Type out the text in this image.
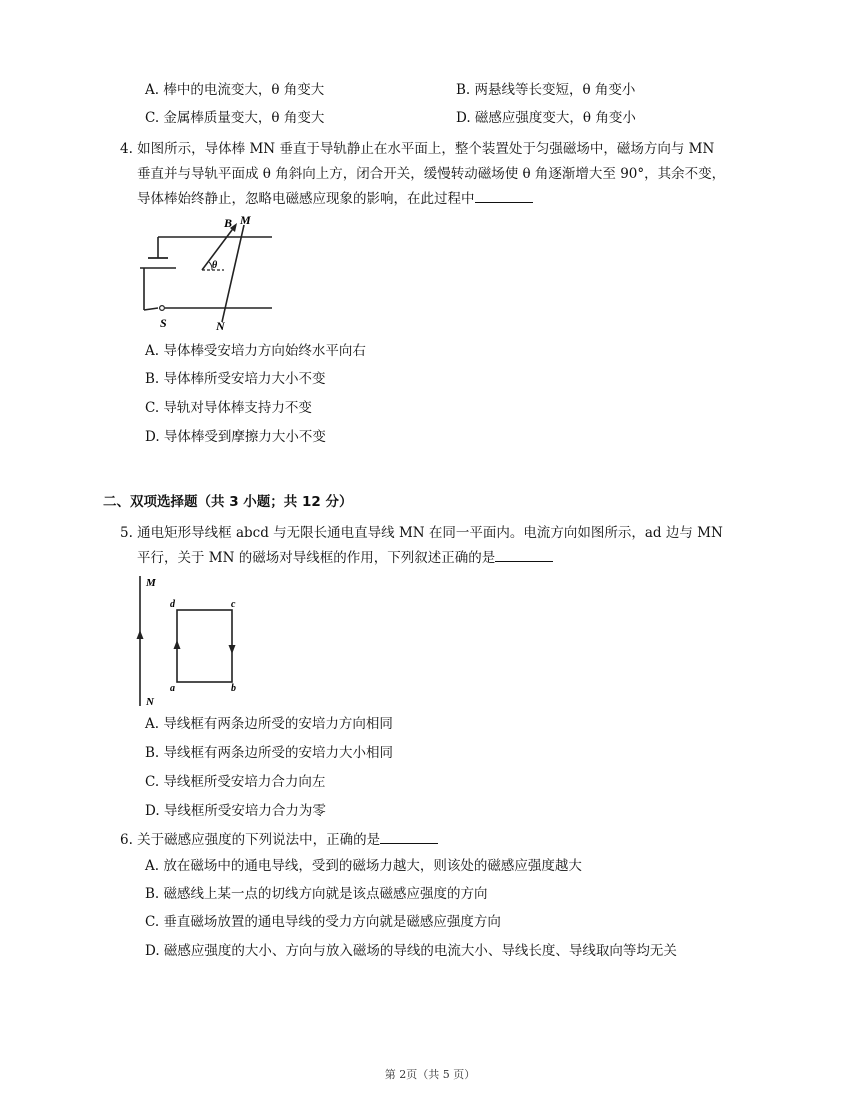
A. 棒中的电流变大，θ 角变大	B. 两悬线等长变短，θ 角变小
C. 金属棒质量变大，θ 角变大	D. 磁感应强度变大，θ 角变小
4. 如图所示，导体棒 MN 垂直于导轨静止在水平面上，整个装置处于匀强磁场中，磁场方向与 MN
垂直并与导轨平面成 θ 角斜向上方，闭合开关，缓慢转动磁场使 θ 角逐渐增大至 90°，其余不变，
导体棒始终静止，忽略电磁感应现象的影响，在此过程中
B M
θ
S	N
A. 导体棒受安培力方向始终水平向右
B. 导体棒所受安培力大小不变
C. 导轨对导体棒支持力不变
D. 导体棒受到摩擦力大小不变
二、双项选择题（共 3 小题；共 12 分）
5. 通电矩形导线框 abcd 与无限长通电直导线 MN 在同一平面内。电流方向如图所示，ad 边与 MN
平行，关于 MN 的磁场对导线框的作用，下列叙述正确的是
M
N
d	c
a	b
A. 导线框有两条边所受的安培力方向相同
B. 导线框有两条边所受的安培力大小相同
C. 导线框所受安培力合力向左
D. 导线框所受安培力合力为零
6. 关于磁感应强度的下列说法中，正确的是
A. 放在磁场中的通电导线，受到的磁场力越大，则该处的磁感应强度越大
B. 磁感线上某一点的切线方向就是该点磁感应强度的方向
C. 垂直磁场放置的通电导线的受力方向就是磁感应强度方向
D. 磁感应强度的大小、方向与放入磁场的导线的电流大小、导线长度、导线取向等均无关
第 2页（共 5 页）
